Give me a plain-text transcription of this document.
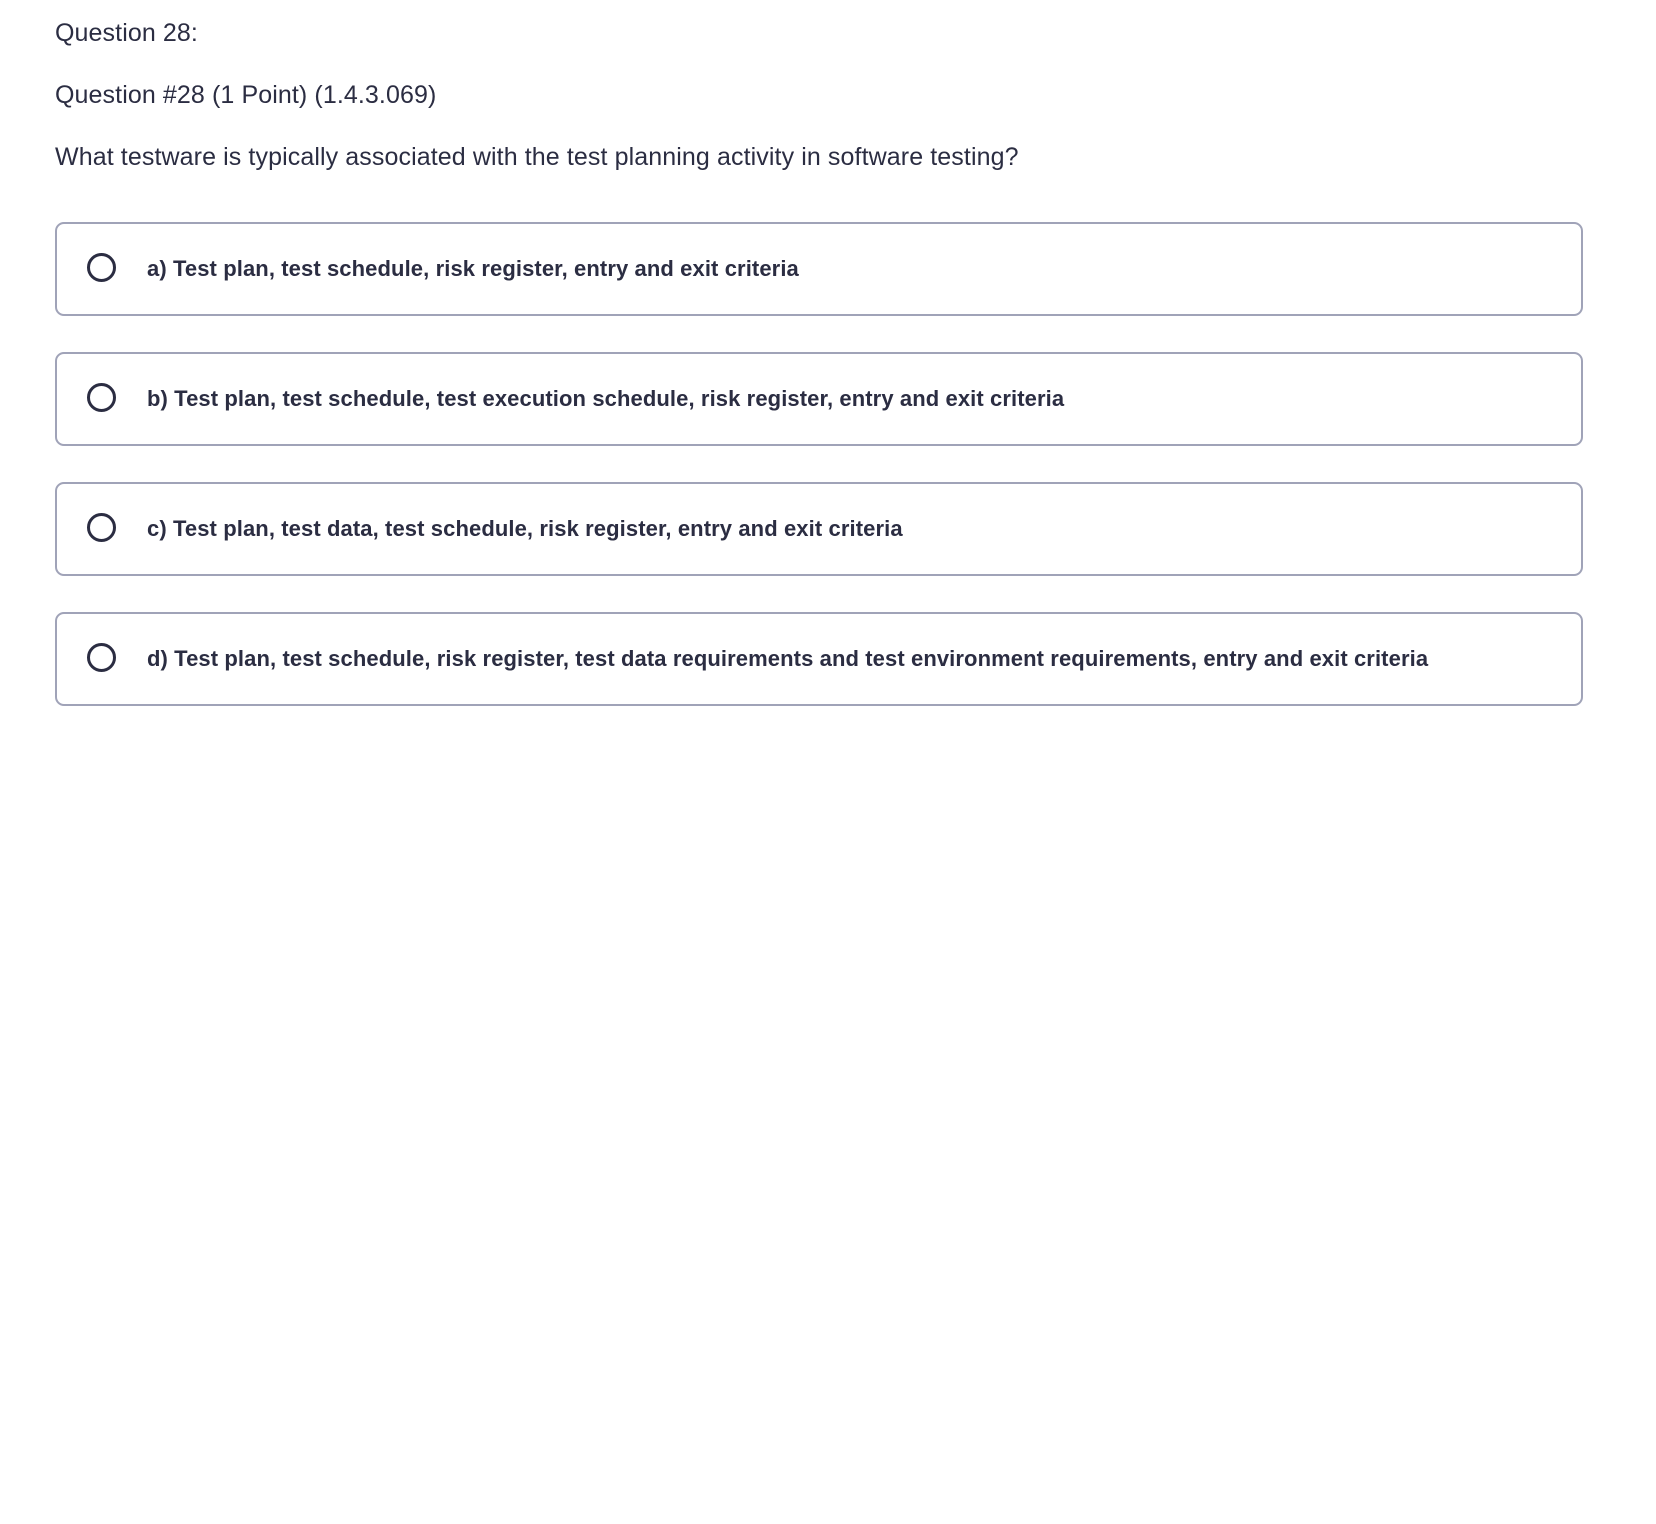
Question 28:
Question #28 (1 Point) (1.4.3.069)
What testware is typically associated with the test planning activity in software testing?
a) Test plan, test schedule, risk register, entry and exit criteria
b) Test plan, test schedule, test execution schedule, risk register, entry and exit criteria
c) Test plan, test data, test schedule, risk register, entry and exit criteria
d) Test plan, test schedule, risk register, test data requirements and test environment requirements, entry and exit criteria
